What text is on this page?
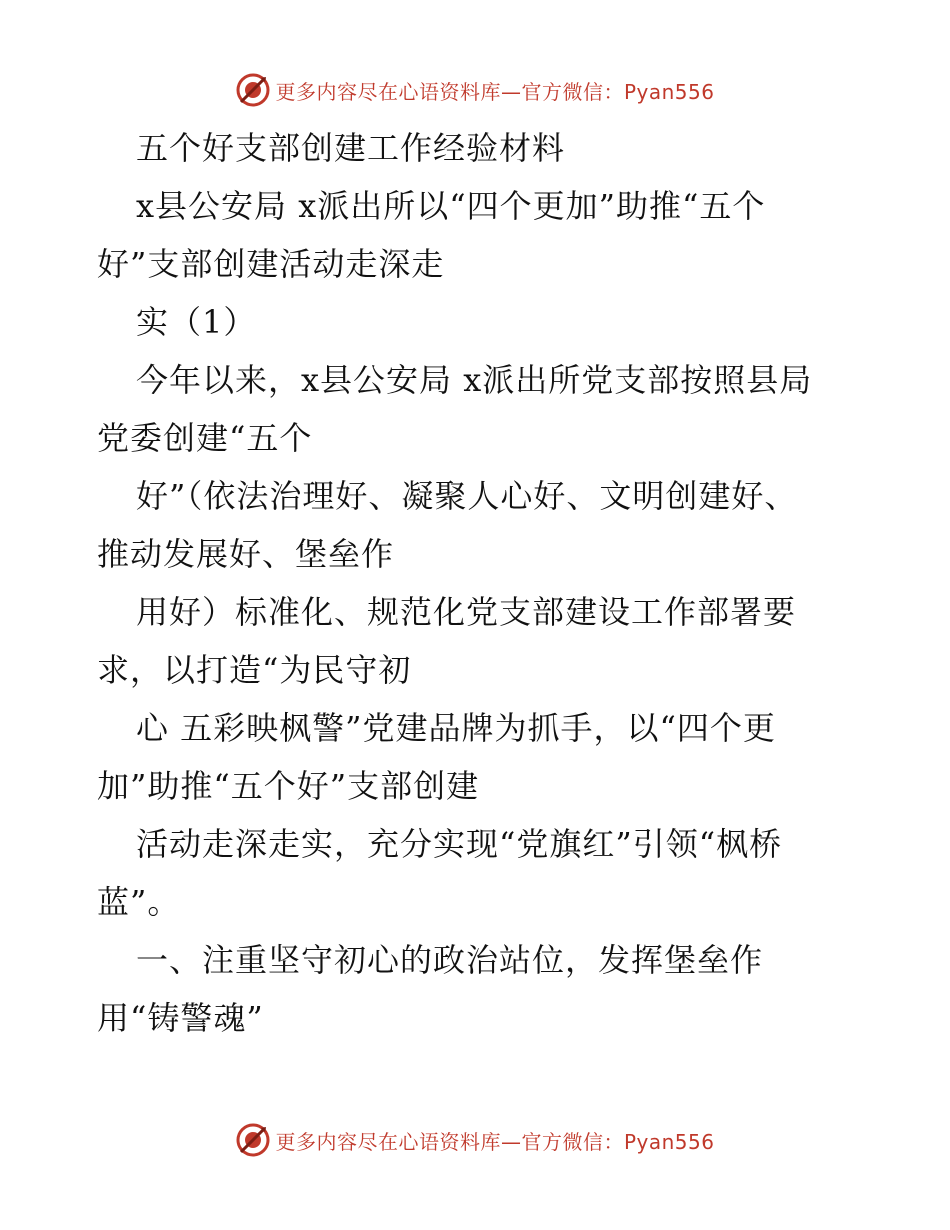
更多内容尽在心语资料库—官方微信：Pyan556
五个好支部创建工作经验材料
x县公安局 x派出所以“四个更加”助推“五个
好”支部创建活动走深走
实（1）
今年以来，x县公安局 x派出所党支部按照县局
党委创建“五个
好”（依法治理好、凝聚人心好、文明创建好、
推动发展好、堡垒作
用好）标准化、规范化党支部建设工作部署要
求，以打造“为民守初
心 五彩映枫警”党建品牌为抓手，以“四个更
加”助推“五个好”支部创建
活动走深走实，充分实现“党旗红”引领“枫桥
蓝”。
一、注重坚守初心的政治站位，发挥堡垒作
用“铸警魂”
更多内容尽在心语资料库—官方微信：Pyan556
